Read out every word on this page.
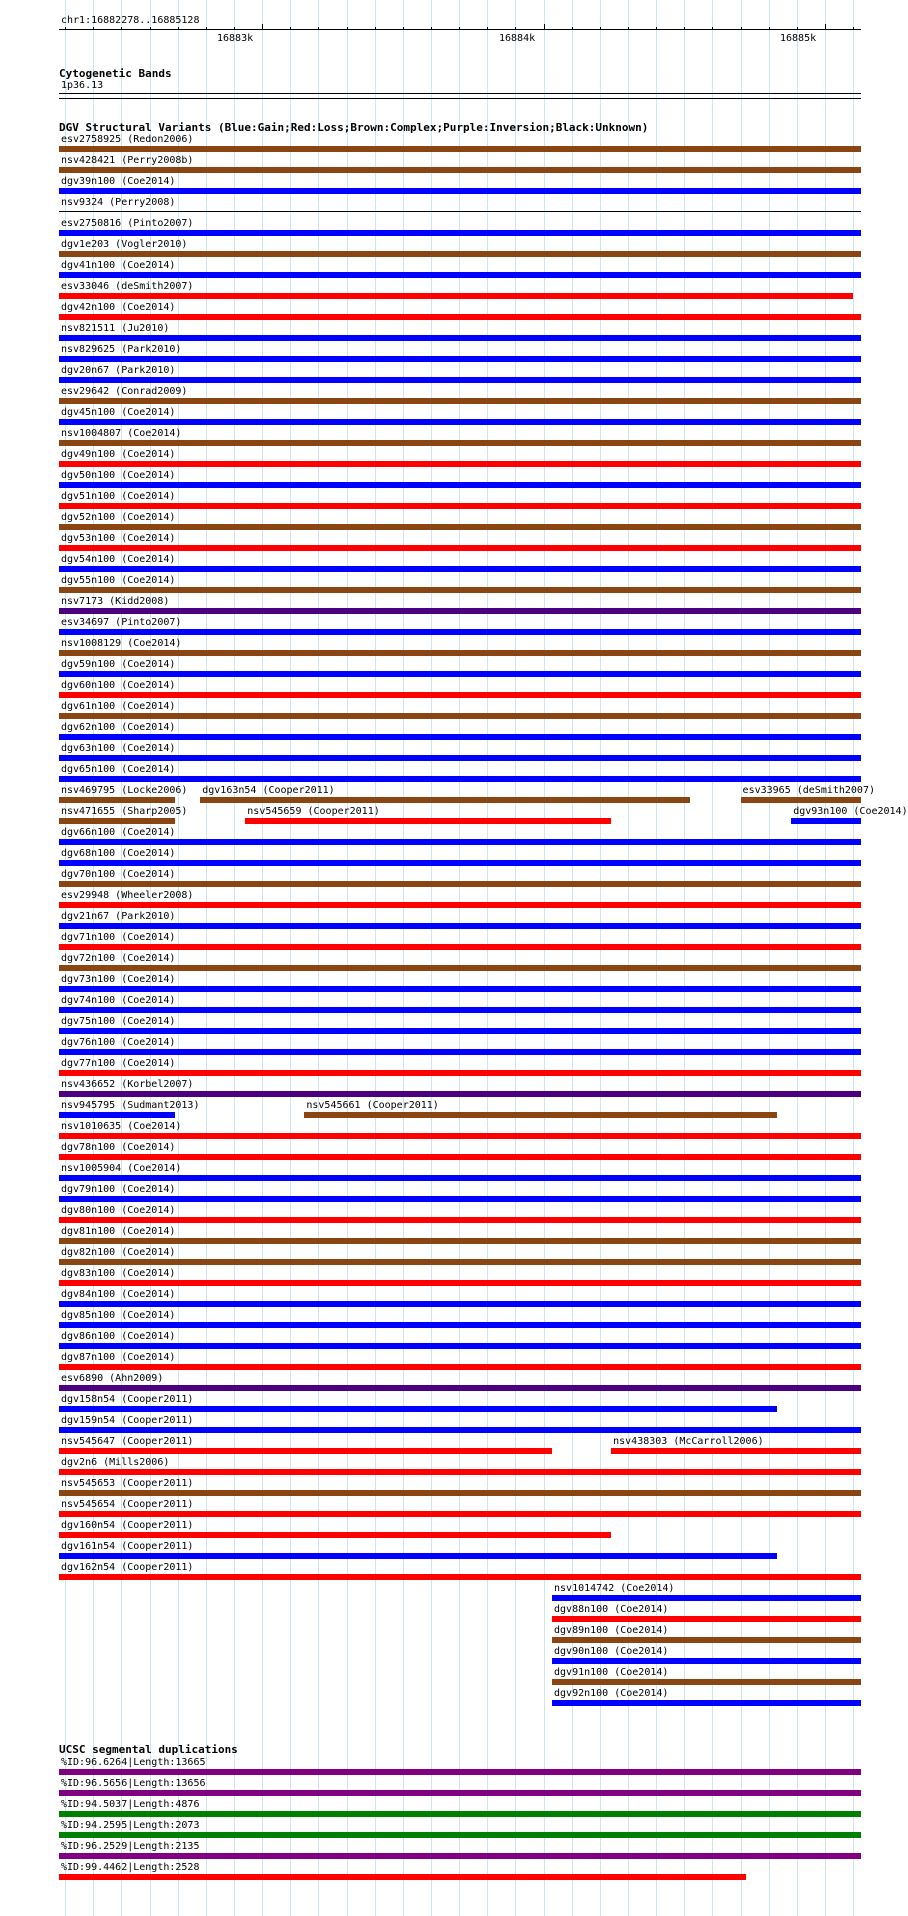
chr1:16882278..16885128
16883k	16884k	16885k
Cytogenetic Bands
1p36.13
DGV Structural Variants (Blue:Gain;Red:Loss;Brown:Complex;Purple:Inversion;Black:Unknown)
esv2758925 (Redon2006)
nsv428421 (Perry2008b)
dgv39n100 (Coe2014)
nsv9324 (Perry2008)
esv2750816 (Pinto2007)
dgv1e203 (Vogler2010)
dgv41n100 (Coe2014)
esv33046 (deSmith2007)
dgv42n100 (Coe2014)
nsv821511 (Ju2010)
nsv829625 (Park2010)
dgv20n67 (Park2010)
esv29642 (Conrad2009)
dgv45n100 (Coe2014)
nsv1004807 (Coe2014)
dgv49n100 (Coe2014)
dgv50n100 (Coe2014)
dgv51n100 (Coe2014)
dgv52n100 (Coe2014)
dgv53n100 (Coe2014)
dgv54n100 (Coe2014)
dgv55n100 (Coe2014)
nsv7173 (Kidd2008)
esv34697 (Pinto2007)
nsv1008129 (Coe2014)
dgv59n100 (Coe2014)
dgv60n100 (Coe2014)
dgv61n100 (Coe2014)
dgv62n100 (Coe2014)
dgv63n100 (Coe2014)
dgv65n100 (Coe2014)
nsv469795 (Locke2006) dgv163n54 (Cooper2011)	esv33965 (deSmith2007)
nsv471655 (Sharp2005)	nsv545659 (Cooper2011)	dgv93n100 (Coe2014)
dgv66n100 (Coe2014)
dgv68n100 (Coe2014)
dgv70n100 (Coe2014)
esv29948 (Wheeler2008)
dgv21n67 (Park2010)
dgv71n100 (Coe2014)
dgv72n100 (Coe2014)
dgv73n100 (Coe2014)
dgv74n100 (Coe2014)
dgv75n100 (Coe2014)
dgv76n100 (Coe2014)
dgv77n100 (Coe2014)
nsv436652 (Korbel2007)
nsv945795 (Sudmant2013)	nsv545661 (Cooper2011)
nsv1010635 (Coe2014)
dgv78n100 (Coe2014)
nsv1005904 (Coe2014)
dgv79n100 (Coe2014)
dgv80n100 (Coe2014)
dgv81n100 (Coe2014)
dgv82n100 (Coe2014)
dgv83n100 (Coe2014)
dgv84n100 (Coe2014)
dgv85n100 (Coe2014)
dgv86n100 (Coe2014)
dgv87n100 (Coe2014)
esv6890 (Ahn2009)
dgv158n54 (Cooper2011)
dgv159n54 (Cooper2011)
nsv545647 (Cooper2011)	nsv438303 (McCarroll2006)
dgv2n6 (Mills2006)
nsv545653 (Cooper2011)
nsv545654 (Cooper2011)
dgv160n54 (Cooper2011)
dgv161n54 (Cooper2011)
dgv162n54 (Cooper2011)
nsv1014742 (Coe2014)
dgv88n100 (Coe2014)
dgv89n100 (Coe2014)
dgv90n100 (Coe2014)
dgv91n100 (Coe2014)
dgv92n100 (Coe2014)
UCSC segmental duplications
%ID:96.6264|Length:13665
%ID:96.5656|Length:13656
%ID:94.5037|Length:4876
%ID:94.2595|Length:2073
%ID:96.2529|Length:2135
%ID:99.4462|Length:2528
